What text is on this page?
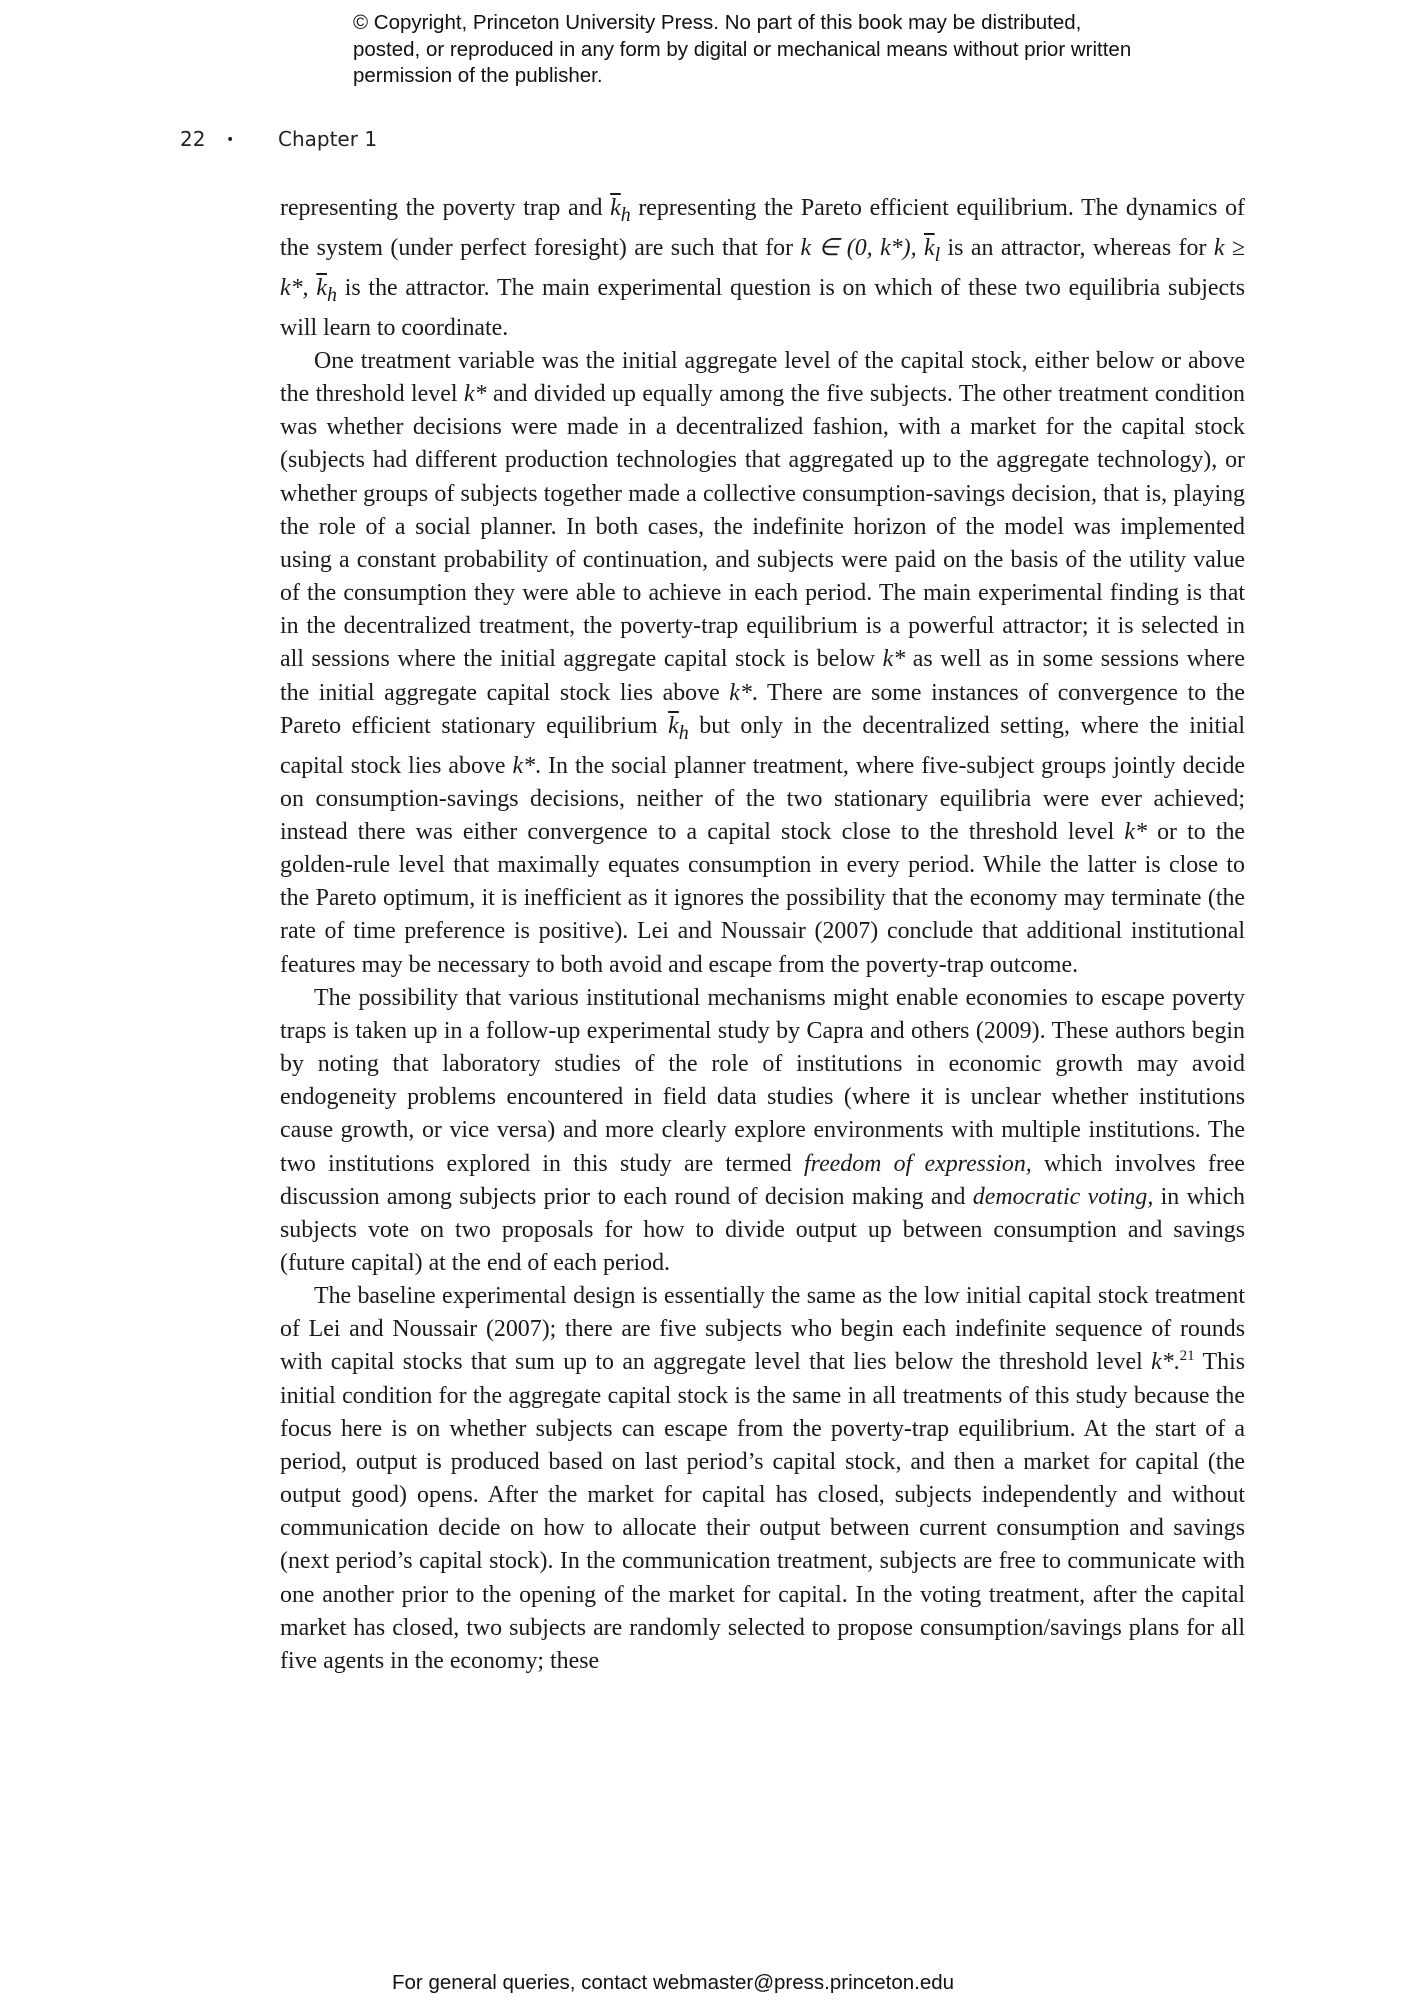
© Copyright, Princeton University Press. No part of this book may be distributed, posted, or reproduced in any form by digital or mechanical means without prior written permission of the publisher.
22 • Chapter 1

representing the poverty trap and $\overline{k}_h$ representing the Pareto efficient equilibrium. The dynamics of the system (under perfect foresight) are such that for k ∈ (0, k*), $\overline{k}_l$ is an attractor, whereas for k ≥ k*, $\overline{k}_h$ is the attractor. The main experimental question is on which of these two equilibria subjects will learn to coordinate.

One treatment variable was the initial aggregate level of the capital stock, either below or above the threshold level k* and divided up equally among the five subjects. The other treatment condition was whether decisions were made in a decentralized fashion, with a market for the capital stock (subjects had different production technologies that aggregated up to the aggregate technology), or whether groups of subjects together made a collective consumption-savings decision, that is, playing the role of a social planner. In both cases, the indefinite horizon of the model was implemented using a constant probability of continuation, and subjects were paid on the basis of the utility value of the consumption they were able to achieve in each period. The main experimental finding is that in the decentralized treatment, the poverty-trap equilibrium is a powerful attractor; it is selected in all sessions where the initial aggregate capital stock is below k* as well as in some sessions where the initial aggregate capital stock lies above k*. There are some instances of convergence to the Pareto efficient stationary equilibrium $\overline{k}_h$ but only in the decentralized setting, where the initial capital stock lies above k*. In the social planner treatment, where five-subject groups jointly decide on consumption-savings decisions, neither of the two stationary equilibria were ever achieved; instead there was either convergence to a capital stock close to the threshold level k* or to the golden-rule level that maximally equates consumption in every period. While the latter is close to the Pareto optimum, it is inefficient as it ignores the possibility that the economy may terminate (the rate of time preference is positive). Lei and Noussair (2007) conclude that additional institutional features may be necessary to both avoid and escape from the poverty-trap outcome.

The possibility that various institutional mechanisms might enable economies to escape poverty traps is taken up in a follow-up experimental study by Capra and others (2009). These authors begin by noting that laboratory studies of the role of institutions in economic growth may avoid endogeneity problems encountered in field data studies (where it is unclear whether institutions cause growth, or vice versa) and more clearly explore environments with multiple institutions. The two institutions explored in this study are termed freedom of expression, which involves free discussion among subjects prior to each round of decision making and democratic voting, in which subjects vote on two proposals for how to divide output up between consumption and savings (future capital) at the end of each period.

The baseline experimental design is essentially the same as the low initial capital stock treatment of Lei and Noussair (2007); there are five subjects who begin each indefinite sequence of rounds with capital stocks that sum up to an aggregate level that lies below the threshold level k*.$^{21}$ This initial condition for the aggregate capital stock is the same in all treatments of this study because the focus here is on whether subjects can escape from the poverty-trap equilibrium. At the start of a period, output is produced based on last period’s capital stock, and then a market for capital (the output good) opens. After the market for capital has closed, subjects independently and without communication decide on how to allocate their output between current consumption and savings (next period’s capital stock). In the communication treatment, subjects are free to communicate with one another prior to the opening of the market for capital. In the voting treatment, after the capital market has closed, two subjects are randomly selected to propose consumption/savings plans for all five agents in the economy; these

For general queries, contact webmaster@press.princeton.edu
